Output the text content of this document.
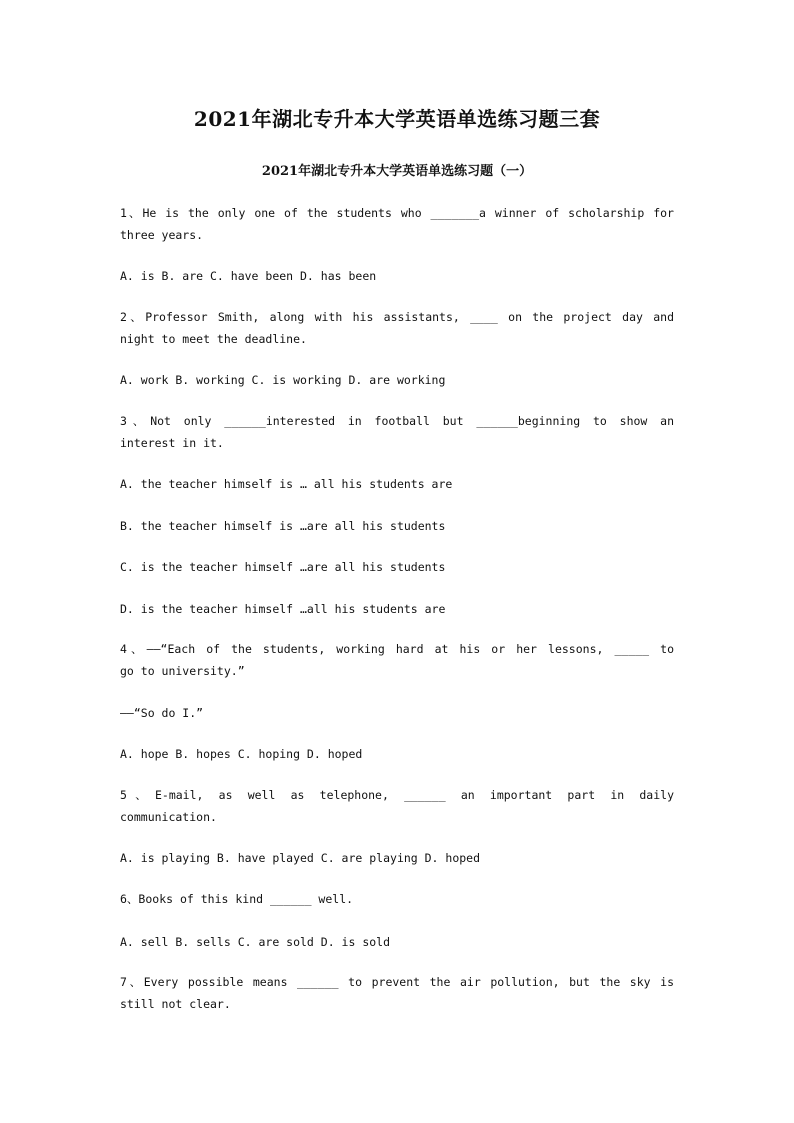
2021年湖北专升本大学英语单选练习题三套
2021年湖北专升本大学英语单选练习题（一）
1、He is the only one of the students who _______a winner of scholarship for
three years.
A. is B. are C. have been D. has been
2、Professor Smith, along with his assistants, ____ on the project day and
night to meet the deadline.
A. work B. working C. is working D. are working
3、Not only ______interested in football but ______beginning to show an
interest in it.
A. the teacher himself is … all his students are
B. the teacher himself is …are all his students
C. is the teacher himself …are all his students
D. is the teacher himself …all his students are
4、——“Each of the students, working hard at his or her lessons, _____ to
go to university.”
——“So do I.”
A. hope B. hopes C. hoping D. hoped
5、E-mail, as well as telephone, ______ an important part in daily
communication.
A. is playing B. have played C. are playing D. hoped
6、Books of this kind ______ well.
A. sell B. sells C. are sold D. is sold
7、Every possible means ______ to prevent the air pollution, but the sky is
still not clear.
